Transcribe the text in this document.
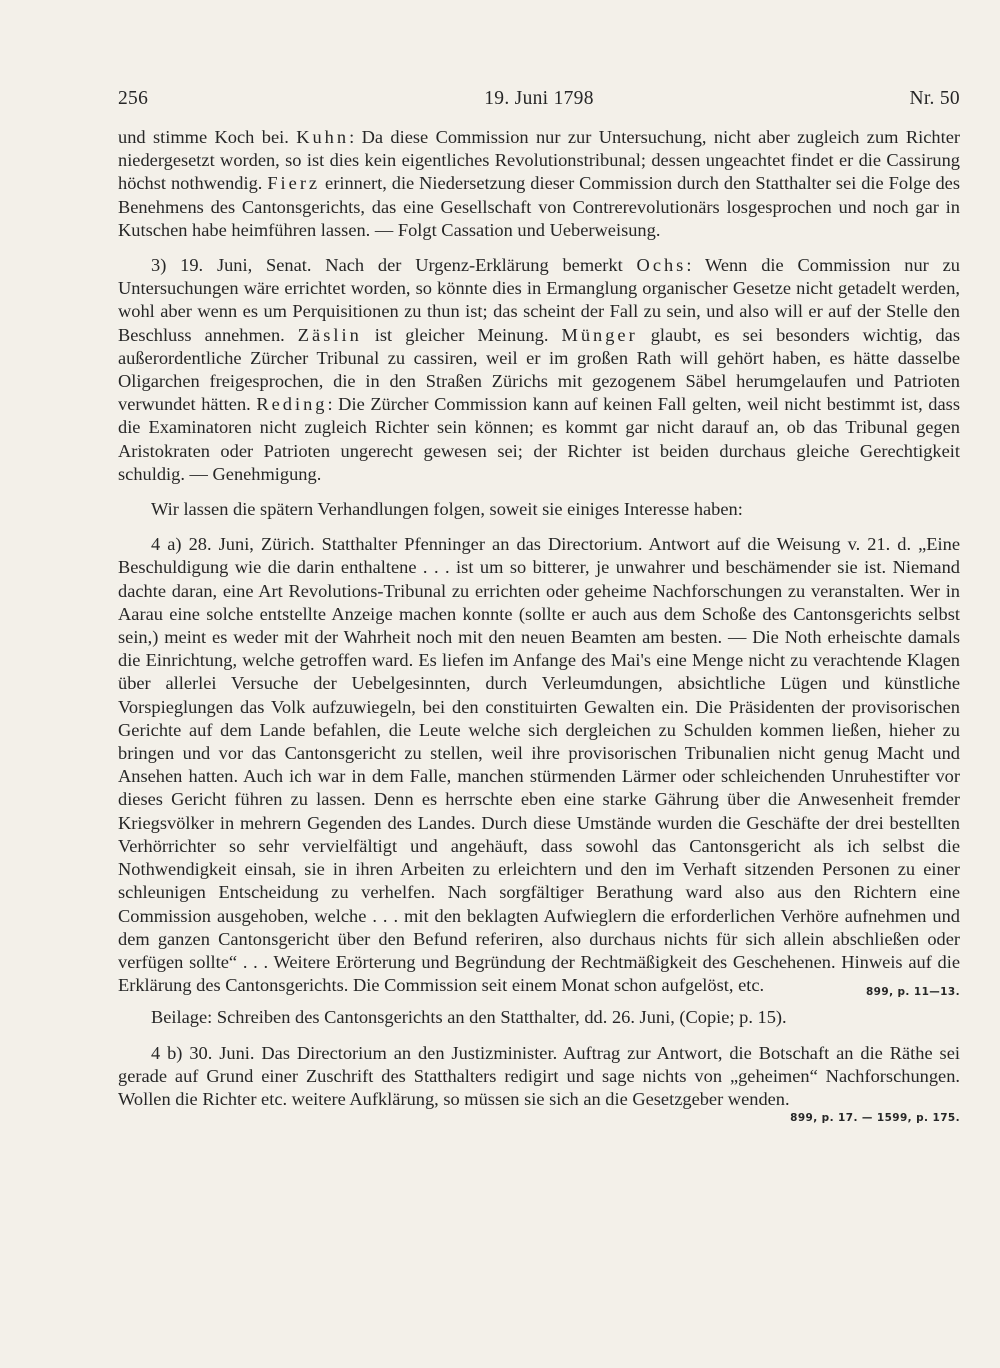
256	19. Juni 1798	Nr. 50

und stimme Koch bei. Kuhn: Da diese Commission nur zur Untersuchung, nicht aber zugleich zum Richter niedergesetzt worden, so ist dies kein eigentliches Revolutionstribunal; dessen ungeachtet findet er die Cassirung höchst nothwendig. Fierz erinnert, die Niedersetzung dieser Commission durch den Statthalter sei die Folge des Benehmens des Cantonsgerichts, das eine Gesellschaft von Contrerevolutionärs losgesprochen und noch gar in Kutschen habe heimführen lassen. — Folgt Cassation und Ueberweisung.

3) 19. Juni, Senat. Nach der Urgenz-Erklärung bemerkt Ochs: Wenn die Commission nur zu Untersuchungen wäre errichtet worden, so könnte dies in Ermanglung organischer Gesetze nicht getadelt werden, wohl aber wenn es um Perquisitionen zu thun ist; das scheint der Fall zu sein, und also will er auf der Stelle den Beschluss annehmen. Zäslin ist gleicher Meinung. Münger glaubt, es sei besonders wichtig, das außerordentliche Zürcher Tribunal zu cassiren, weil er im großen Rath will gehört haben, es hätte dasselbe Oligarchen freigesprochen, die in den Straßen Zürichs mit gezogenem Säbel herumgelaufen und Patrioten verwundet hätten. Reding: Die Zürcher Commission kann auf keinen Fall gelten, weil nicht bestimmt ist, dass die Examinatoren nicht zugleich Richter sein können; es kommt gar nicht darauf an, ob das Tribunal gegen Aristokraten oder Patrioten ungerecht gewesen sei; der Richter ist beiden durchaus gleiche Gerechtigkeit schuldig. — Genehmigung.

Wir lassen die spätern Verhandlungen folgen, soweit sie einiges Interesse haben:

4 a) 28. Juni, Zürich. Statthalter Pfenninger an das Directorium. Antwort auf die Weisung v. 21. d. „Eine Beschuldigung wie die darin enthaltene . . . ist um so bitterer, je unwahrer und beschämender sie ist. Niemand dachte daran, eine Art Revolutions-Tribunal zu errichten oder geheime Nachforschungen zu veranstalten. Wer in Aarau eine solche entstellte Anzeige machen konnte (sollte er auch aus dem Schoße des Cantonsgerichts selbst sein,) meint es weder mit der Wahrheit noch mit den neuen Beamten am besten. — Die Noth erheischte damals die Einrichtung, welche getroffen ward. Es liefen im Anfange des Mai's eine Menge nicht zu verachtende Klagen über allerlei Versuche der Uebelgesinnten, durch Verleumdungen, absichtliche Lügen und künstliche Vorspieglungen das Volk aufzuwiegeln, bei den constituirten Gewalten ein. Die Präsidenten der provisorischen Gerichte auf dem Lande befahlen, die Leute welche sich dergleichen zu Schulden kommen ließen, hieher zu bringen und vor das Cantonsgericht zu stellen, weil ihre provisorischen Tribunalien nicht genug Macht und Ansehen hatten. Auch ich war in dem Falle, manchen stürmenden Lärmer oder schleichenden Unruhestifter vor dieses Gericht führen zu lassen. Denn es herrschte eben eine starke Gährung über die Anwesenheit fremder Kriegsvölker in mehrern Gegenden des Landes. Durch diese Umstände wurden die Geschäfte der drei bestellten Verhörrichter so sehr vervielfältigt und angehäuft, dass sowohl das Cantonsgericht als ich selbst die Nothwendigkeit einsah, sie in ihren Arbeiten zu erleichtern und den im Verhaft sitzenden Personen zu einer schleunigen Entscheidung zu verhelfen. Nach sorgfältiger Berathung ward also aus den Richtern eine Commission ausgehoben, welche . . . mit den beklagten Aufwieglern die erforderlichen Verhöre aufnehmen und dem ganzen Cantonsgericht über den Befund referiren, also durchaus nichts für sich allein abschließen oder verfügen sollte“ . . . Weitere Erörterung und Begründung der Rechtmäßigkeit des Geschehenen. Hinweis auf die Erklärung des Cantonsgerichts. Die Commission seit einem Monat schon aufgelöst, etc.	899, p. 11—13.

Beilage: Schreiben des Cantonsgerichts an den Statthalter, dd. 26. Juni, (Copie; p. 15).

4 b) 30. Juni. Das Directorium an den Justizminister. Auftrag zur Antwort, die Botschaft an die Räthe sei gerade auf Grund einer Zuschrift des Statthalters redigirt und sage nichts von „geheimen“ Nachforschungen. Wollen die Richter etc. weitere Aufklärung, so müssen sie sich an die Gesetzgeber wenden.

899, p. 17. — 1599, p. 175.
